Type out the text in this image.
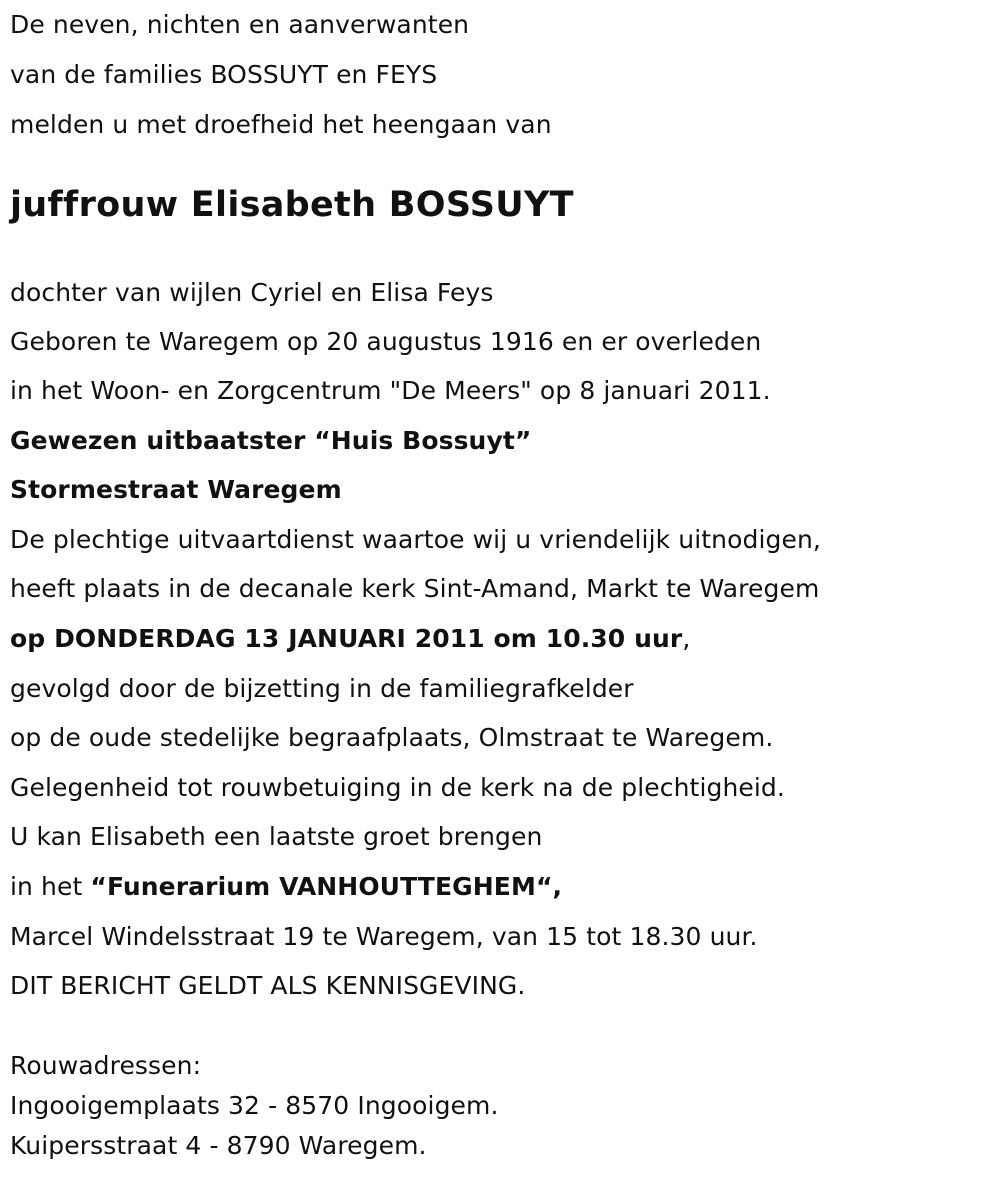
De neven, nichten en aanverwanten
van de families BOSSUYT en FEYS
melden u met droefheid het heengaan van
juffrouw Elisabeth BOSSUYT
dochter van wijlen Cyriel en Elisa Feys
Geboren te Waregem op 20 augustus 1916 en er overleden
in het Woon- en Zorgcentrum "De Meers" op 8 januari 2011.
Gewezen uitbaatster “Huis Bossuyt”
Stormestraat Waregem
De plechtige uitvaartdienst waartoe wij u vriendelijk uitnodigen,
heeft plaats in de decanale kerk Sint-Amand, Markt te Waregem
op DONDERDAG 13 JANUARI 2011 om 10.30 uur,
gevolgd door de bijzetting in de familiegrafkelder
op de oude stedelijke begraafplaats, Olmstraat te Waregem.
Gelegenheid tot rouwbetuiging in de kerk na de plechtigheid.
U kan Elisabeth een laatste groet brengen
in het “Funerarium VANHOUTTEGHEM“,
Marcel Windelsstraat 19 te Waregem, van 15 tot 18.30 uur.
DIT BERICHT GELDT ALS KENNISGEVING.
Rouwadressen:
Ingooigemplaats 32 - 8570 Ingooigem.
Kuipersstraat 4 - 8790 Waregem.
